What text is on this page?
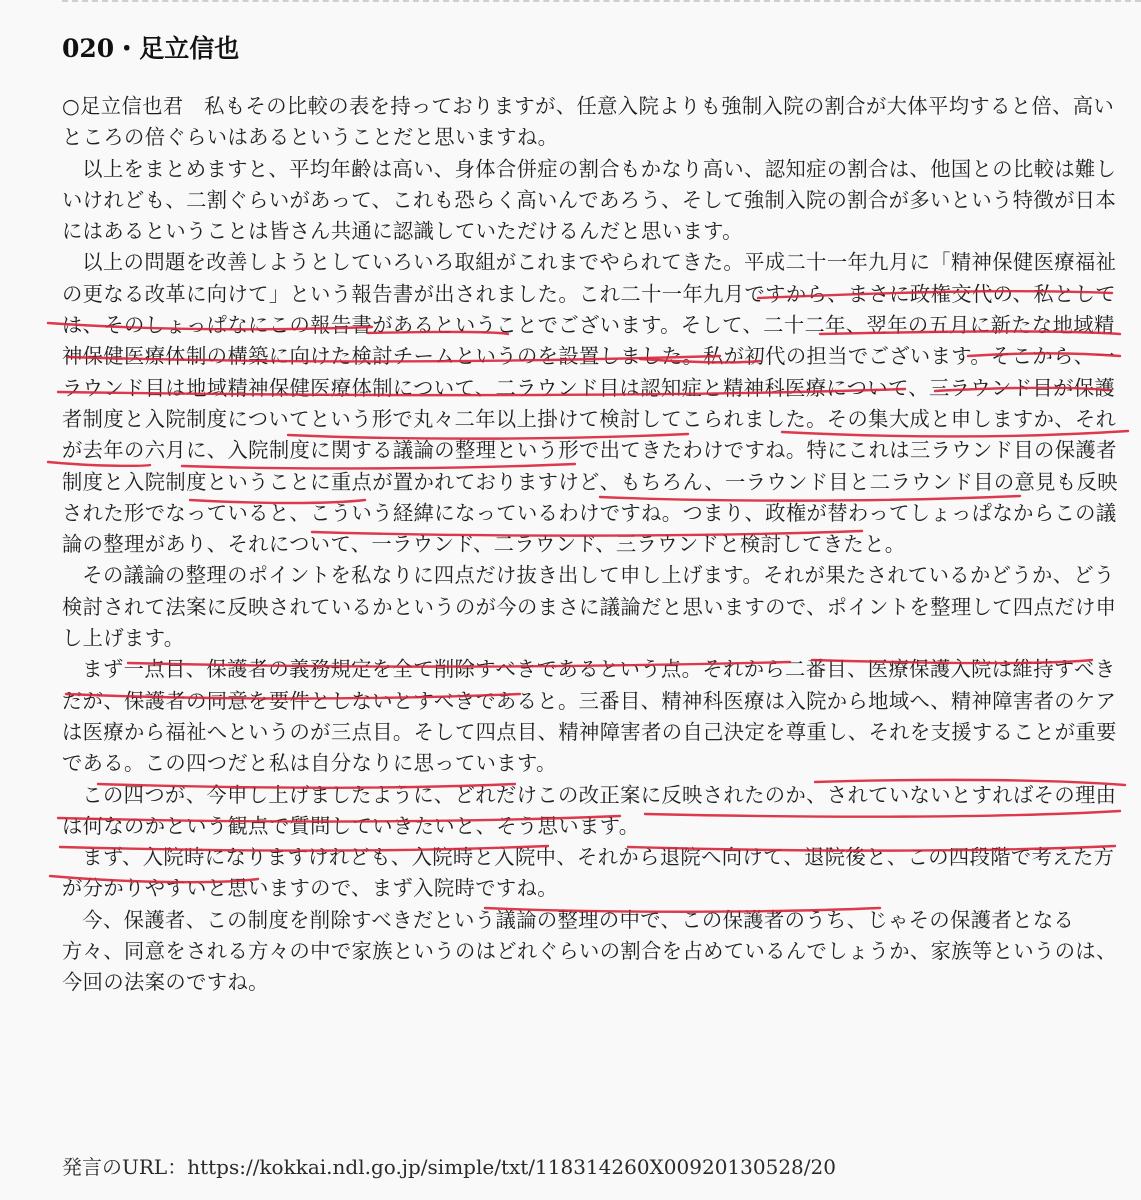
020・足立信也

○足立信也君　私もその比較の表を持っておりますが、任意入院よりも強制入院の割合が大体平均すると倍、高いところの倍ぐらいはあるということだと思いますね。

以上をまとめますと、平均年齢は高い、身体合併症の割合もかなり高い、認知症の割合は、他国との比較は難しいけれども、二割ぐらいがあって、これも恐らく高いんであろう、そして強制入院の割合が多いという特徴が日本にはあるということは皆さん共通に認識していただけるんだと思います。

以上の問題を改善しようとしていろいろ取組がこれまでやられてきた。平成二十一年九月に「精神保健医療福祉の更なる改革に向けて」という報告書が出されました。これ二十一年九月ですから、まさに政権交代の、私としては、そのしょっぱなにこの報告書があるということでございます。そして、二十二年、翌年の五月に新たな地域精神保健医療体制の構築に向けた検討チームというのを設置しました。私が初代の担当でございます。そこから、一ラウンド目は地域精神保健医療体制について、二ラウンド目は認知症と精神科医療について、三ラウンド目が保護者制度と入院制度についてという形で丸々二年以上掛けて検討してこられました。その集大成と申しますか、それが去年の六月に、入院制度に関する議論の整理という形で出てきたわけですね。特にこれは三ラウンド目の保護者制度と入院制度ということに重点が置かれておりますけど、もちろん、一ラウンド目と二ラウンド目の意見も反映された形でなっていると、こういう経緯になっているわけですね。つまり、政権が替わってしょっぱなからこの議論の整理があり、それについて、一ラウンド、二ラウンド、三ラウンドと検討してきたと。

その議論の整理のポイントを私なりに四点だけ抜き出して申し上げます。それが果たされているかどうか、どう検討されて法案に反映されているかというのが今のまさに議論だと思いますので、ポイントを整理して四点だけ申し上げます。

まず一点目、保護者の義務規定を全て削除すべきであるという点。それから二番目、医療保護入院は維持すべきだが、保護者の同意を要件としないとすべきであると。三番目、精神科医療は入院から地域へ、精神障害者のケアは医療から福祉へというのが三点目。そして四点目、精神障害者の自己決定を尊重し、それを支援することが重要である。この四つだと私は自分なりに思っています。

この四つが、今申し上げましたように、どれだけこの改正案に反映されたのか、されていないとすればその理由は何なのかという観点で質問していきたいと、そう思います。

まず、入院時になりますけれども、入院時と入院中、それから退院へ向けて、退院後と、この四段階で考えた方が分かりやすいと思いますので、まず入院時ですね。

今、保護者、この制度を削除すべきだという議論の整理の中で、この保護者のうち、じゃその保護者となる方々、同意をされる方々の中で家族というのはどれぐらいの割合を占めているんでしょうか、家族等というのは、今回の法案のですね。

発言のURL：https://kokkai.ndl.go.jp/simple/txt/118314260X00920130528/20
